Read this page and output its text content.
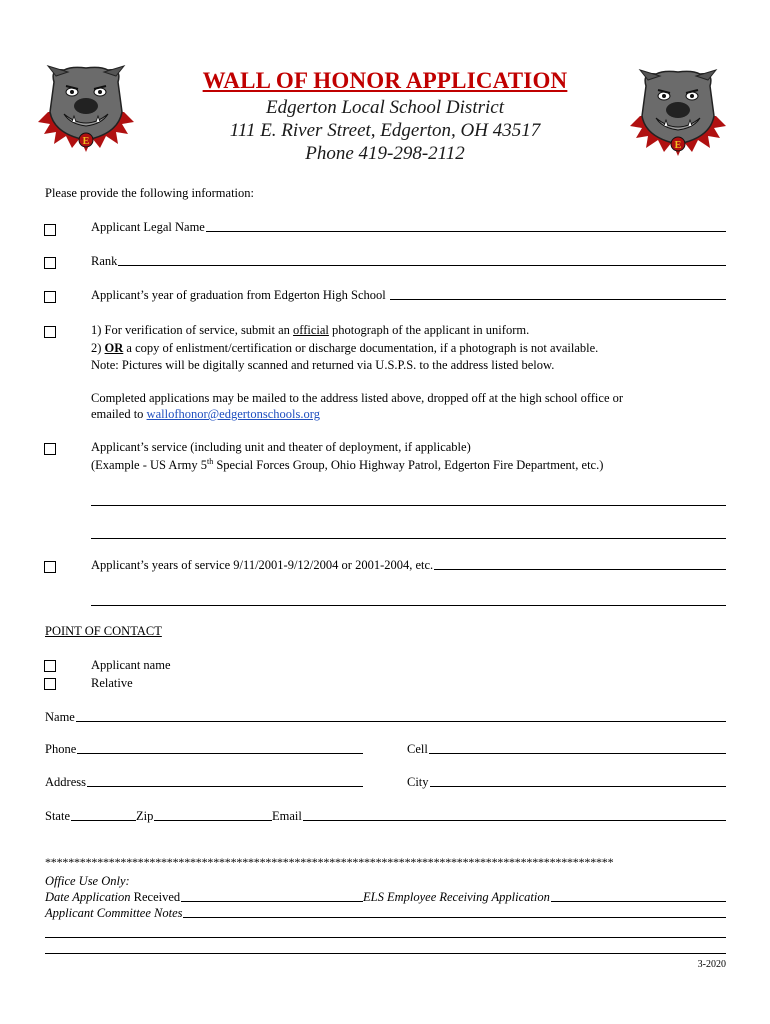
E	E
WALL OF HONOR APPLICATION
Edgerton Local School District
111 E. River Street, Edgerton, OH 43517
Phone 419-298-2112
Please provide the following information:
Applicant Legal Name
Rank
Applicant’s year of graduation from Edgerton High School
1) For verification of service, submit an official photograph of the applicant in uniform.
2) OR a copy of enlistment/certification or discharge documentation, if a photograph is not available.
Note: Pictures will be digitally scanned and returned via U.S.P.S. to the address listed below.
Completed applications may be mailed to the address listed above, dropped off at the high school office or
emailed to wallofhonor@edgertonschools.org
Applicant’s service (including unit and theater of deployment, if applicable)
(Example - US Army 5th Special Forces Group, Ohio Highway Patrol, Edgerton Fire Department, etc.)
Applicant’s years of service 9/11/2001-9/12/2004 or 2001-2004, etc.
POINT OF CONTACT
Applicant name
Relative
Name
Phone	Cell
Address	City
State	Zip	Email
**************************************************************************************************
Office Use Only:
Date Application Received	ELS Employee Receiving Application
Applicant Committee Notes
3-2020
